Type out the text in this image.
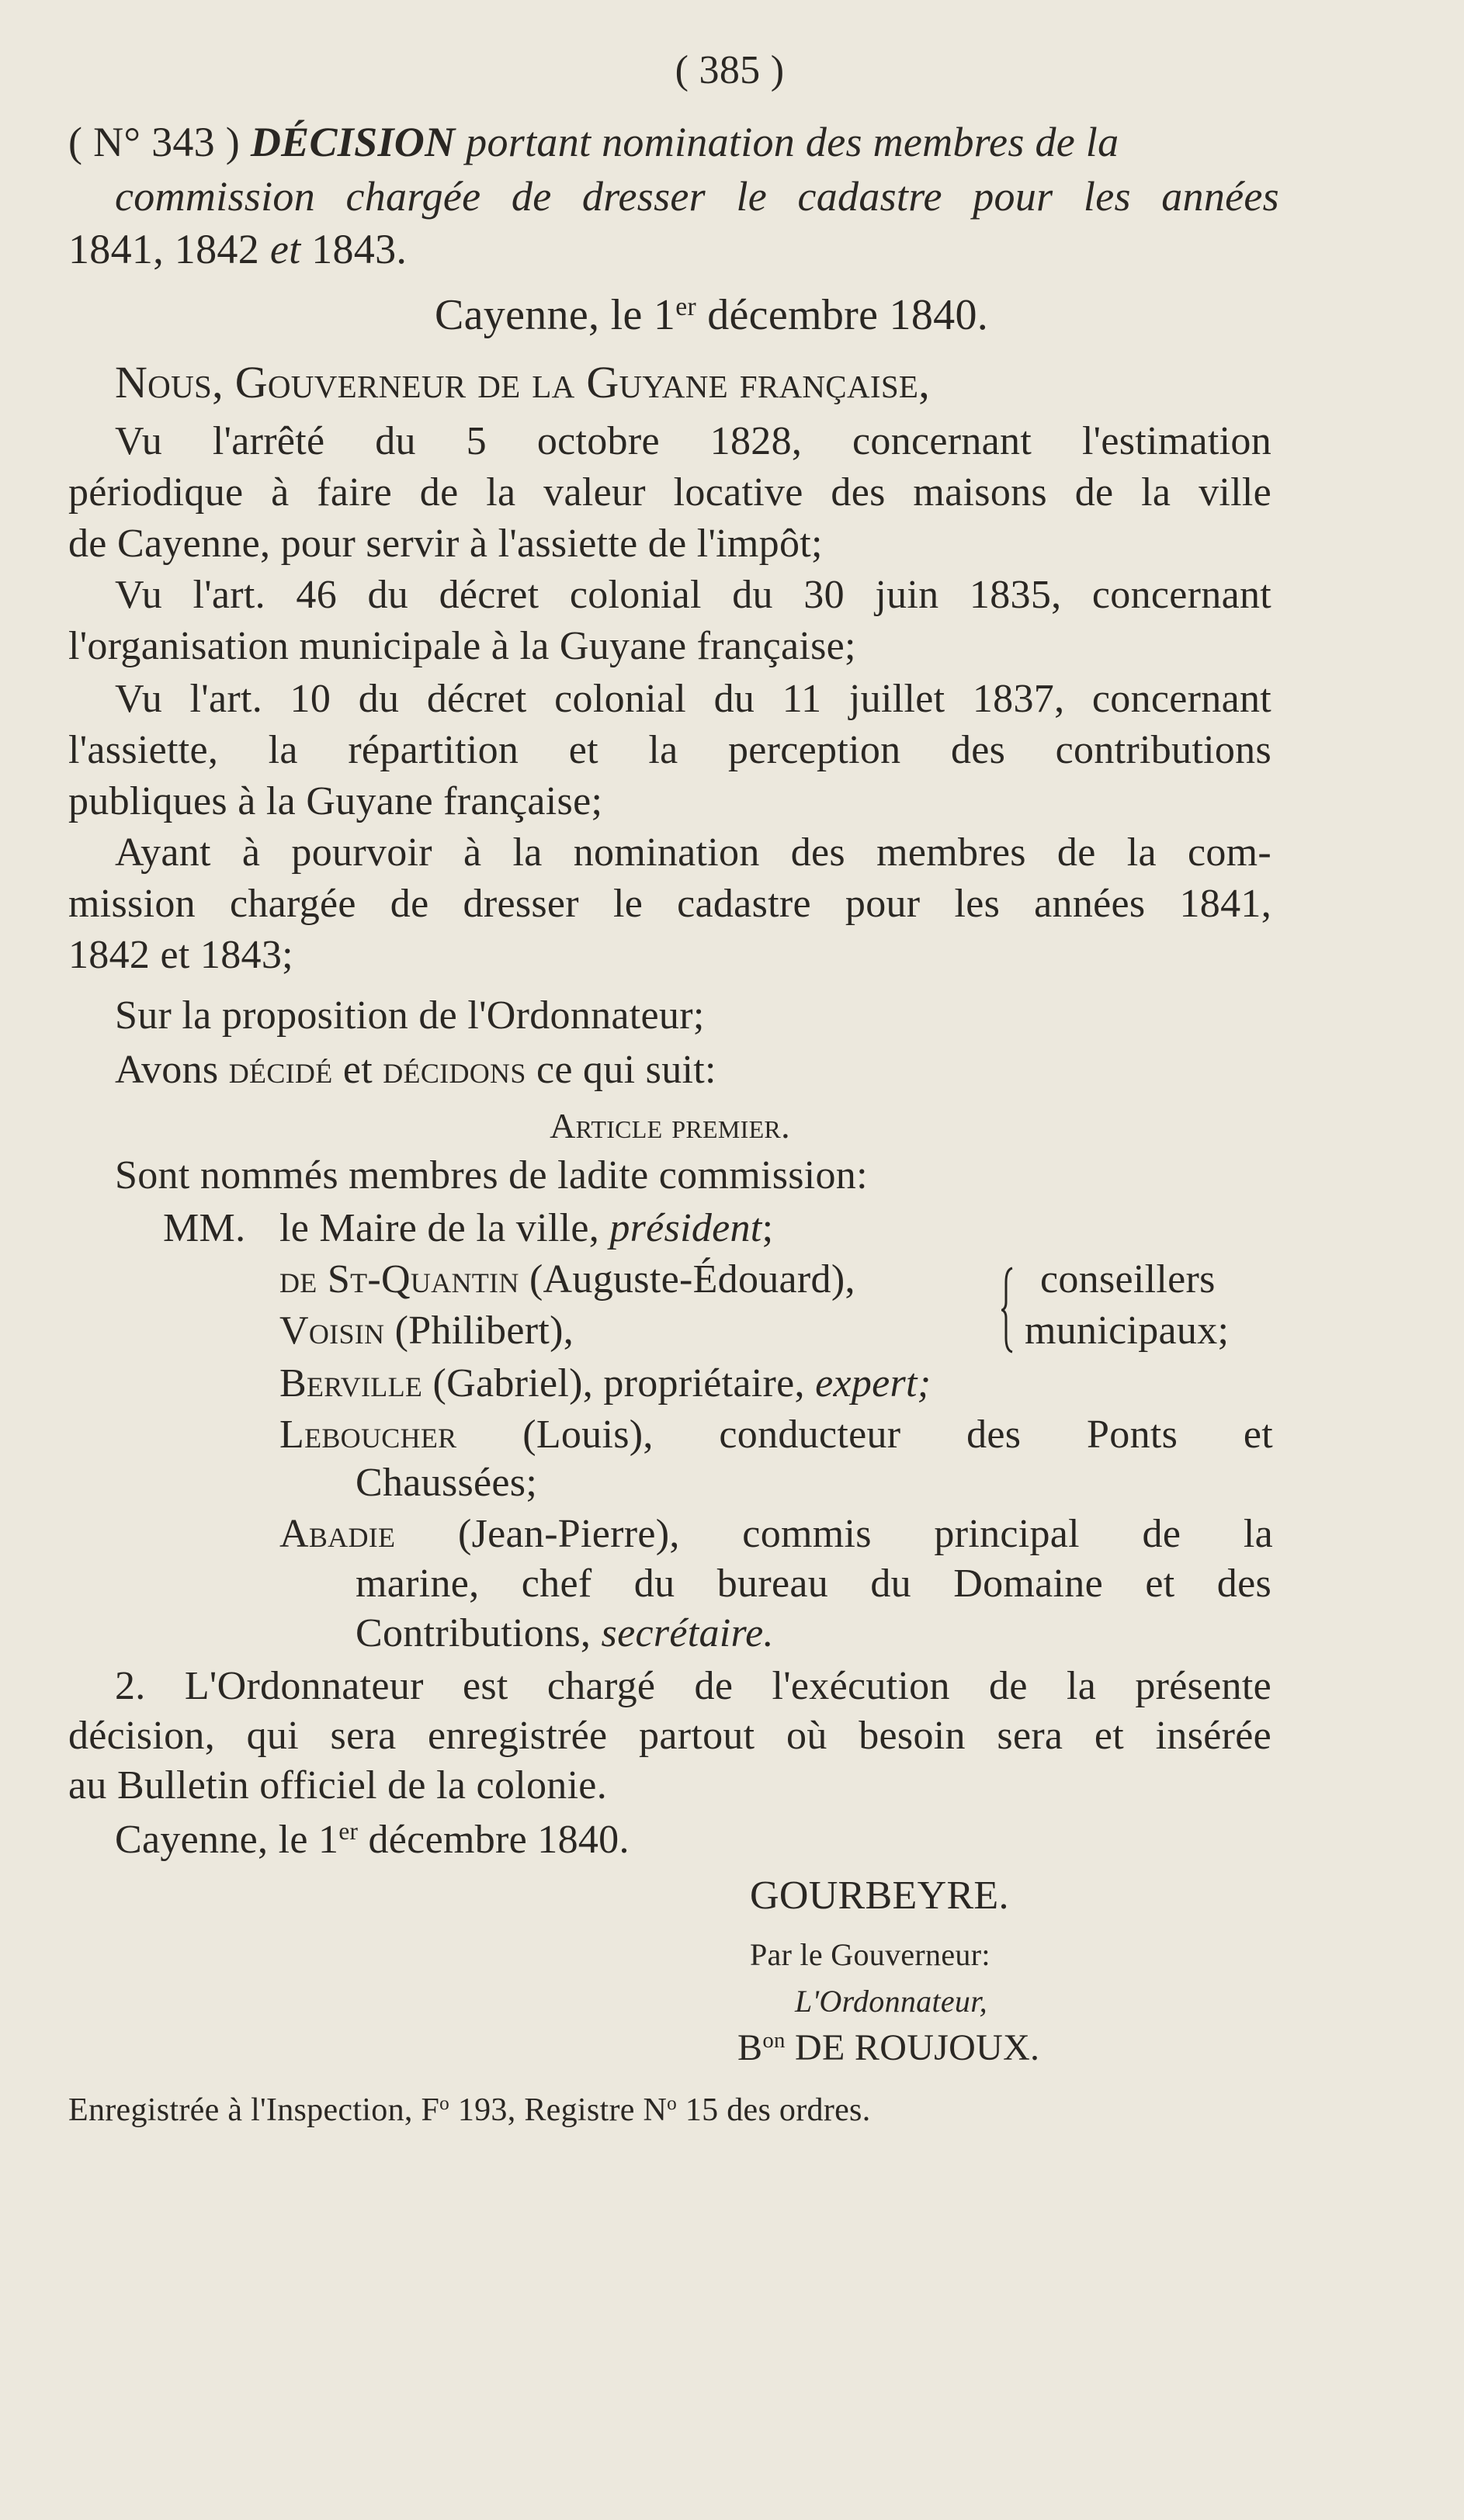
( 385 )
( N° 343 ) DÉCISION portant nomination des membres de la
commission chargée de dresser le cadastre pour les années
1841, 1842 et 1843.
Cayenne, le 1er décembre 1840.
Nous, Gouverneur de la Guyane française,
Vu l'arrêté du 5 octobre 1828, concernant l'estimation
périodique à faire de la valeur locative des maisons de la ville
de Cayenne, pour servir à l'assiette de l'impôt;
Vu l'art. 46 du décret colonial du 30 juin 1835, concernant
l'organisation municipale à la Guyane française;
Vu l'art. 10 du décret colonial du 11 juillet 1837, concernant
l'assiette, la répartition et la perception des contributions
publiques à la Guyane française;
Ayant à pourvoir à la nomination des membres de la com-
mission chargée de dresser le cadastre pour les années 1841,
1842 et 1843;
Sur la proposition de l'Ordonnateur;
Avons décidé et décidons ce qui suit:
Article premier.
Sont nommés membres de ladite commission:
MM. le Maire de la ville, président;
de St-Quantin (Auguste-Édouard),
Voisin (Philibert),
conseillers
municipaux;
Berville (Gabriel), propriétaire, expert;
Leboucher (Louis), conducteur des Ponts et
Chaussées;
Abadie (Jean-Pierre), commis principal de la
marine, chef du bureau du Domaine et des
Contributions, secrétaire.
2. L'Ordonnateur est chargé de l'exécution de la présente
décision, qui sera enregistrée partout où besoin sera et insérée
au Bulletin officiel de la colonie.
Cayenne, le 1er décembre 1840.
GOURBEYRE.
Par le Gouverneur:
L'Ordonnateur,
$B^{on}$ DE ROUJOUX.
Enregistrée à l'Inspection, $F^o$ 193, Registre $N^o$ 15 des ordres.
